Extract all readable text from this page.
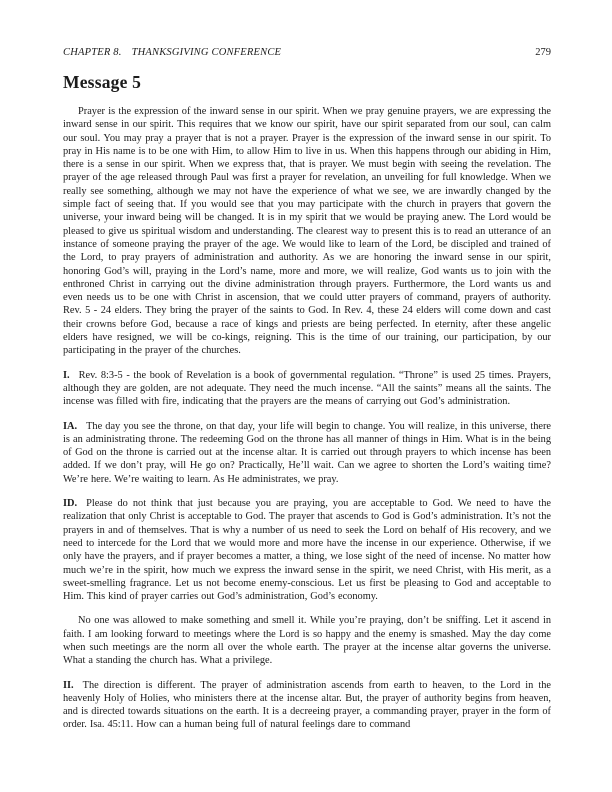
CHAPTER 8. THANKSGIVING CONFERENCE	279
Message 5

Prayer is the expression of the inward sense in our spirit. When we pray genuine prayers, we are expressing the inward sense in our spirit. This requires that we know our spirit, have our spirit separated from our soul, can calm our soul. You may pray a prayer that is not a prayer. Prayer is the expression of the inward sense in our spirit. To pray in His name is to be one with Him, to allow Him to live in us. When this happens through our abiding in Him, there is a sense in our spirit. When we express that, that is prayer. We must begin with seeing the revelation. The prayer of the age released through Paul was first a prayer for revelation, an unveiling for full knowledge. When we really see something, although we may not have the experience of what we see, we are inwardly changed by the simple fact of seeing that. If you would see that you may participate with the church in prayers that govern the universe, your inward being will be changed. It is in my spirit that we would be praying anew. The Lord would be pleased to give us spiritual wisdom and understanding. The clearest way to present this is to read an utterance of an instance of someone praying the prayer of the age. We would like to learn of the Lord, be discipled and trained of the Lord, to pray prayers of administration and authority. As we are honoring the inward sense in our spirit, honoring God’s will, praying in the Lord’s name, more and more, we will realize, God wants us to join with the enthroned Christ in carrying out the divine administration through prayers. Furthermore, the Lord wants us and even needs us to be one with Christ in ascension, that we could utter prayers of command, prayers of authority. Rev. 5 - 24 elders. They bring the prayer of the saints to God. In Rev. 4, these 24 elders will come down and cast their crowns before God, because a race of kings and priests are being perfected. In eternity, after these angelic elders have resigned, we will be co-kings, reigning. This is the time of our training, our participation, by our participating in the prayer of the churches.

I. Rev. 8:3-5 - the book of Revelation is a book of governmental regulation. “Throne” is used 25 times. Prayers, although they are golden, are not adequate. They need the much incense. “All the saints” means all the saints. The incense was filled with fire, indicating that the prayers are the means of carrying out God’s administration.

IA. The day you see the throne, on that day, your life will begin to change. You will realize, in this universe, there is an administrating throne. The redeeming God on the throne has all manner of things in Him. What is in the being of God on the throne is carried out at the incense altar. It is carried out through prayers to which incense has been added. If we don’t pray, will He go on? Practically, He’ll wait. Can we agree to shorten the Lord’s waiting time? We’re here. We’re waiting to learn. As He administrates, we pray.

ID. Please do not think that just because you are praying, you are acceptable to God. We need to have the realization that only Christ is acceptable to God. The prayer that ascends to God is God’s administration. It’s not the prayers in and of themselves. That is why a number of us need to seek the Lord on behalf of His recovery, and we need to intercede for the Lord that we would more and more have the incense in our experience. Otherwise, if we only have the prayers, and if prayer becomes a matter, a thing, we lose sight of the need of incense. No matter how much we’re in the spirit, how much we express the inward sense in the spirit, we need Christ, with His merit, as a sweet-smelling fragrance. Let us not become enemy-conscious. Let us first be pleasing to God and acceptable to Him. This kind of prayer carries out God’s administration, God’s economy.

No one was allowed to make something and smell it. While you’re praying, don’t be sniffing. Let it ascend in faith. I am looking forward to meetings where the Lord is so happy and the enemy is smashed. May the day come when such meetings are the norm all over the whole earth. The prayer at the incense altar governs the universe. What a standing the church has. What a privilege.

II. The direction is different. The prayer of administration ascends from earth to heaven, to the Lord in the heavenly Holy of Holies, who ministers there at the incense altar. But, the prayer of authority begins from heaven, and is directed towards situations on the earth. It is a decreeing prayer, a commanding prayer, prayer in the form of order. Isa. 45:11. How can a human being full of natural feelings dare to command
